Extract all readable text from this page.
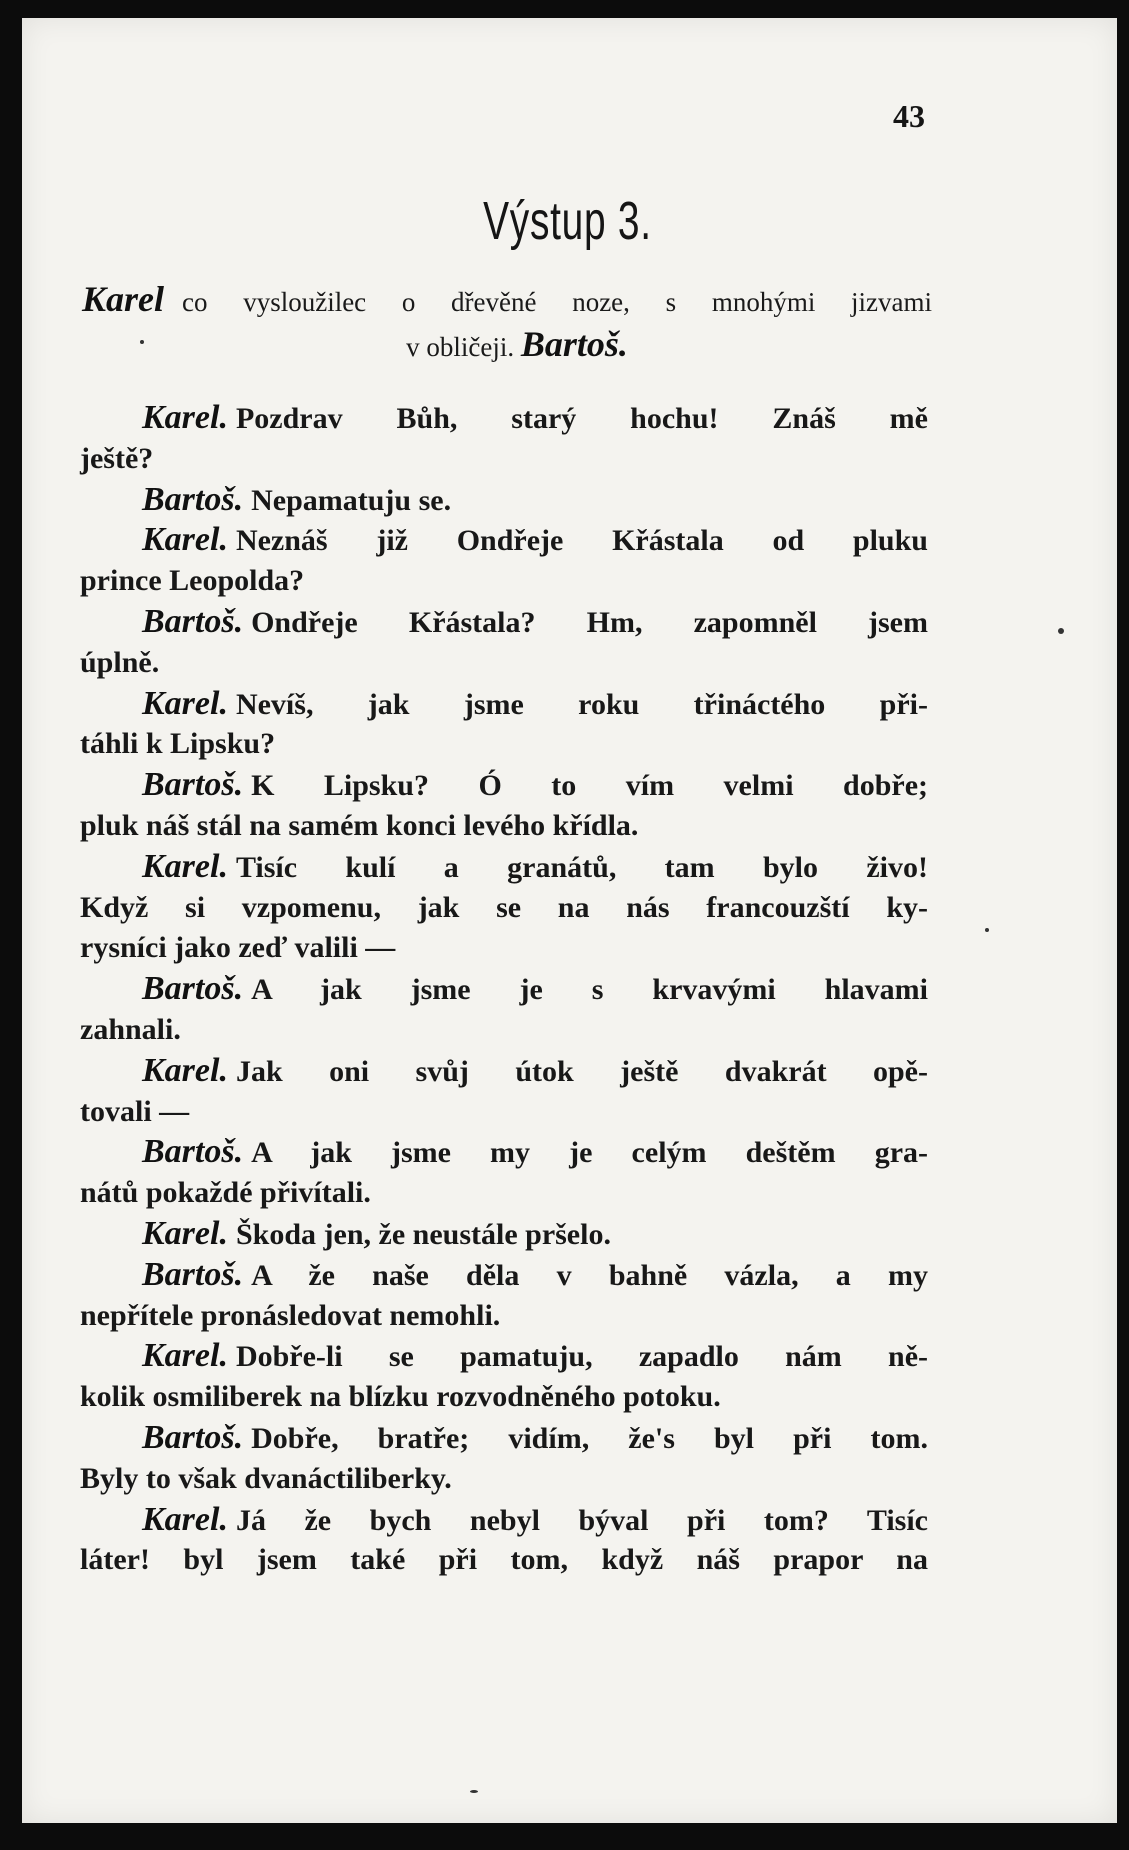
43
Výstup 3.
Karel co vysloužilec o dřevěné noze, s mnohými jizvami
v obličeji. Bartoš.
Karel. Pozdrav Bůh, starý hochu! Znáš mě
ještě?
Bartoš. Nepamatuju se.
Karel. Neznáš již Ondřeje Křástala od pluku
prince Leopolda?
Bartoš. Ondřeje Křástala? Hm, zapomněl jsem
úplně.
Karel. Nevíš, jak jsme roku třináctého při-
táhli k Lipsku?
Bartoš. K Lipsku? Ó to vím velmi dobře;
pluk náš stál na samém konci levého křídla.
Karel. Tisíc kulí a granátů, tam bylo živo!
Když si vzpomenu, jak se na nás francouzští ky-
rysníci jako zeď valili —
Bartoš. A jak jsme je s krvavými hlavami
zahnali.
Karel. Jak oni svůj útok ještě dvakrát opě-
tovali —
Bartoš. A jak jsme my je celým deštěm gra-
nátů pokaždé přivítali.
Karel. Škoda jen, že neustále pršelo.
Bartoš. A že naše děla v bahně vázla, a my
nepřítele pronásledovat nemohli.
Karel. Dobře-li se pamatuju, zapadlo nám ně-
kolik osmiliberek na blízku rozvodněného potoku.
Bartoš. Dobře, bratře; vidím, že's byl při tom.
Byly to však dvanáctiliberky.
Karel. Já že bych nebyl býval při tom? Tisíc
láter! byl jsem také při tom, když náš prapor na
